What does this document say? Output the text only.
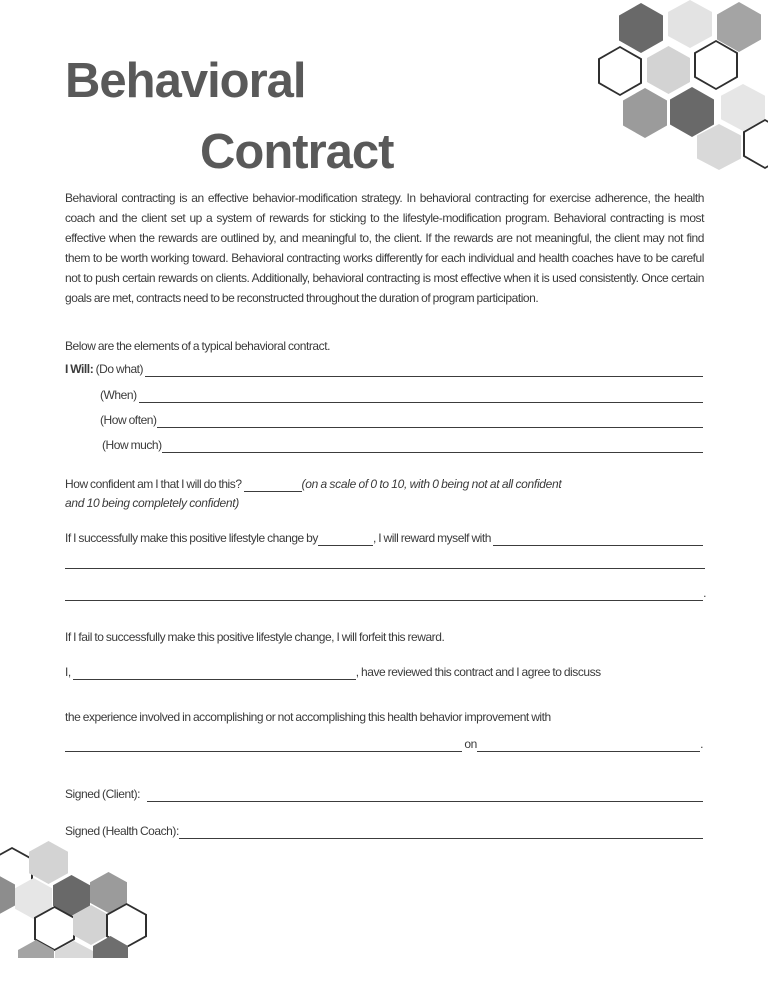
Behavioral
Contract
Behavioral contracting is an effective behavior-modification strategy. In behavioral contracting for exercise adherence, the health coach and the client set up a system of rewards for sticking to the lifestyle-modification program. Behavioral contracting is most effective when the rewards are outlined by, and meaningful to, the client. If the rewards are not meaningful, the client may not find them to be worth working toward. Behavioral contracting works differently for each individual and health coaches have to be careful not to push certain rewards on clients. Additionally, behavioral contracting is most effective when it is used consistently. Once certain goals are met, contracts need to be reconstructed throughout the duration of program participation.
Below are the elements of a typical behavioral contract.
I Will: (Do what)
(When)
(How often)
(How much)
How confident am I that I will do this?	(on a scale of 0 to 10, with 0 being not at all confident
and 10 being completely confident)
If I successfully make this positive lifestyle change by	, I will reward myself with
.
If I fail to successfully make this positive lifestyle change, I will forfeit this reward.
I,	, have reviewed this contract and I agree to discuss
the experience involved in accomplishing or not accomplishing this health behavior improvement with
on	.
Signed (Client):
Signed (Health Coach):
